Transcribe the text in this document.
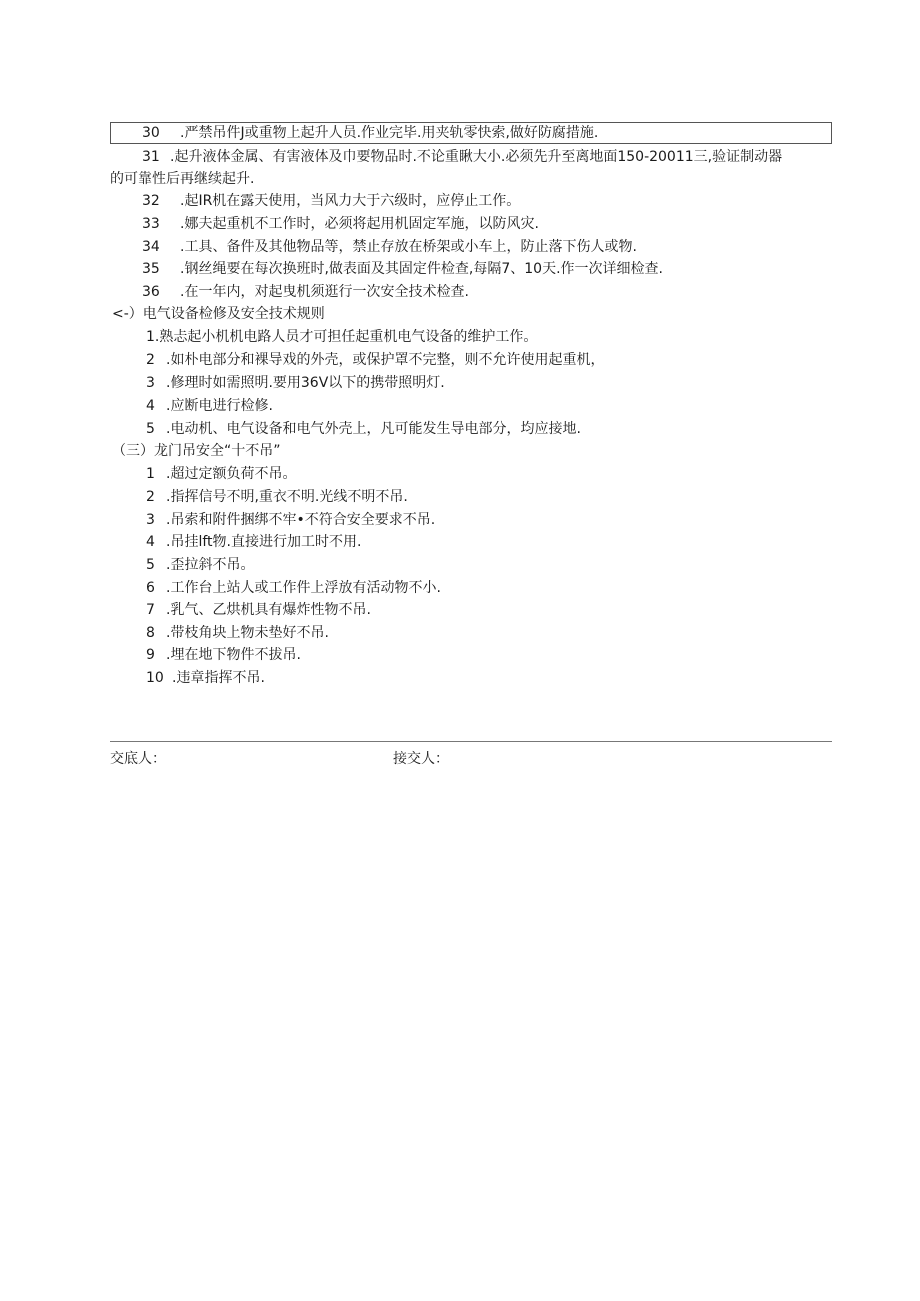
30 .严禁吊件J或重物上起升人员.作业完毕.用夹轨零快索,做好防腐措施.
31 .起升液体金属、有害液体及巾要物品时.不论重瞅大小.必须先升至离地面150-20011三,验证制动器
的可靠性后再继续起升.
32 .起IR机在露天使用，当风力大于六级时，应停止工作。
33 .娜夫起重机不工作时，必须将起用机固定军施，以防风灾.
34 .工具、备件及其他物品等，禁止存放在桥架或小车上，防止落下伤人或物.
35 .钢丝绳要在每次换班时,做表面及其固定件检查,每隔7、10天.作一次详细检查.
36 .在一年内，对起曳机须逛行一次安全技术检查.
<-）电气设备检修及安全技术规则
1.熟忐起小机机电路人员才可担任起重机电气设备的维护工作。
2 .如朴电部分和裸导戏的外壳，或保护罩不完整，则不允许使用起重机，
3 .修理时如需照明.要用36V以下的携带照明灯.
4 .应断电进行检修.
5 .电动机、电气设备和电气外壳上，凡可能发生导电部分，均应接地.
（三）龙门吊安全“十不吊”
1 .超过定额负荷不吊。
2 .指挥信号不明,重衣不明.光线不明不吊.
3 .吊索和附件捆绑不牢•不符合安全要求不吊.
4 .吊挂lft物.直接进行加工时不用.
5 .歪拉斜不吊。
6 .工作台上站人或工作件上浮放有活动物不小.
7 .乳气、乙烘机具有爆炸性物不吊.
8 .带枝角块上物未垫好不吊.
9 .埋在地下物件不拔吊.
10 .违章指挥不吊.
交底人：	接交人：
